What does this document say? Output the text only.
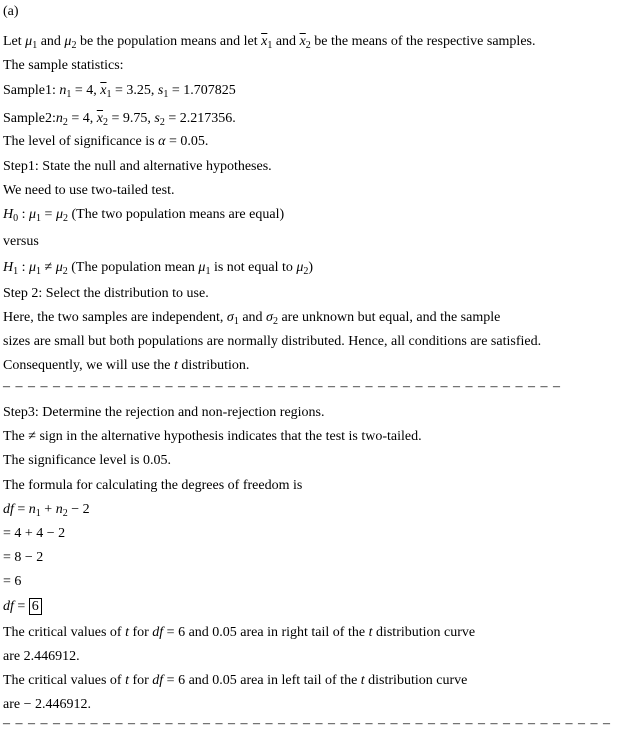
(a)
Let $\mu_1$ and $\mu_2$ be the population means and let $\overline{x}_1$ and $\overline{x}_2$ be the means of the respective samples.
The sample statistics:
Sample1: $n_1 = 4$, $\overline{x}_1 = 3.25$, $s_1 = 1.707825$
$Sample2:n_2 = 4$, $\overline{x}_2 = 9.75$, $s_2 = 2.217356$.
The level of significance is α = 0.05.
Step1: State the null and alternative hypotheses.
We need to use two-tailed test.
$H_0$ : $\mu_1 = \mu_2$ (The two population means are equal)
versus
$H_1$ : $\mu_1 \ne \mu_2$ (The population mean $\mu_1$ is not equal to $\mu_2$)
Step 2: Select the distribution to use.
Here, the two samples are independent, $\sigma_1$ and $\sigma_2$ are unknown but equal, and the sample
sizes are small but both populations are normally distributed. Hence, all conditions are satisfied.
Consequently, we will use the t distribution.
– – – – – – – – – – – – – – – – – – – – – – – – – – – – – – – – – – – – – – – – – – – – –
Step3: Determine the rejection and non-rejection regions.
The ≠ sign in the alternative hypothesis indicates that the test is two-tailed.
The significance level is 0.05.
The formula for calculating the degrees of freedom is
df = $n_1 + n_2 - 2$
= 4 + 4 − 2
= 8 − 2
= 6
df = 6
The critical values of t for df = 6 and 0.05 area in right tail of the t distribution curve
are 2.446912.
The critical values of t for df = 6 and 0.05 area in left tail of the t distribution curve
are − 2.446912.
– – – – – – – – – – – – – – – – – – – – – – – – – – – – – – – – – – – – – – – – – – – – – – – – –
